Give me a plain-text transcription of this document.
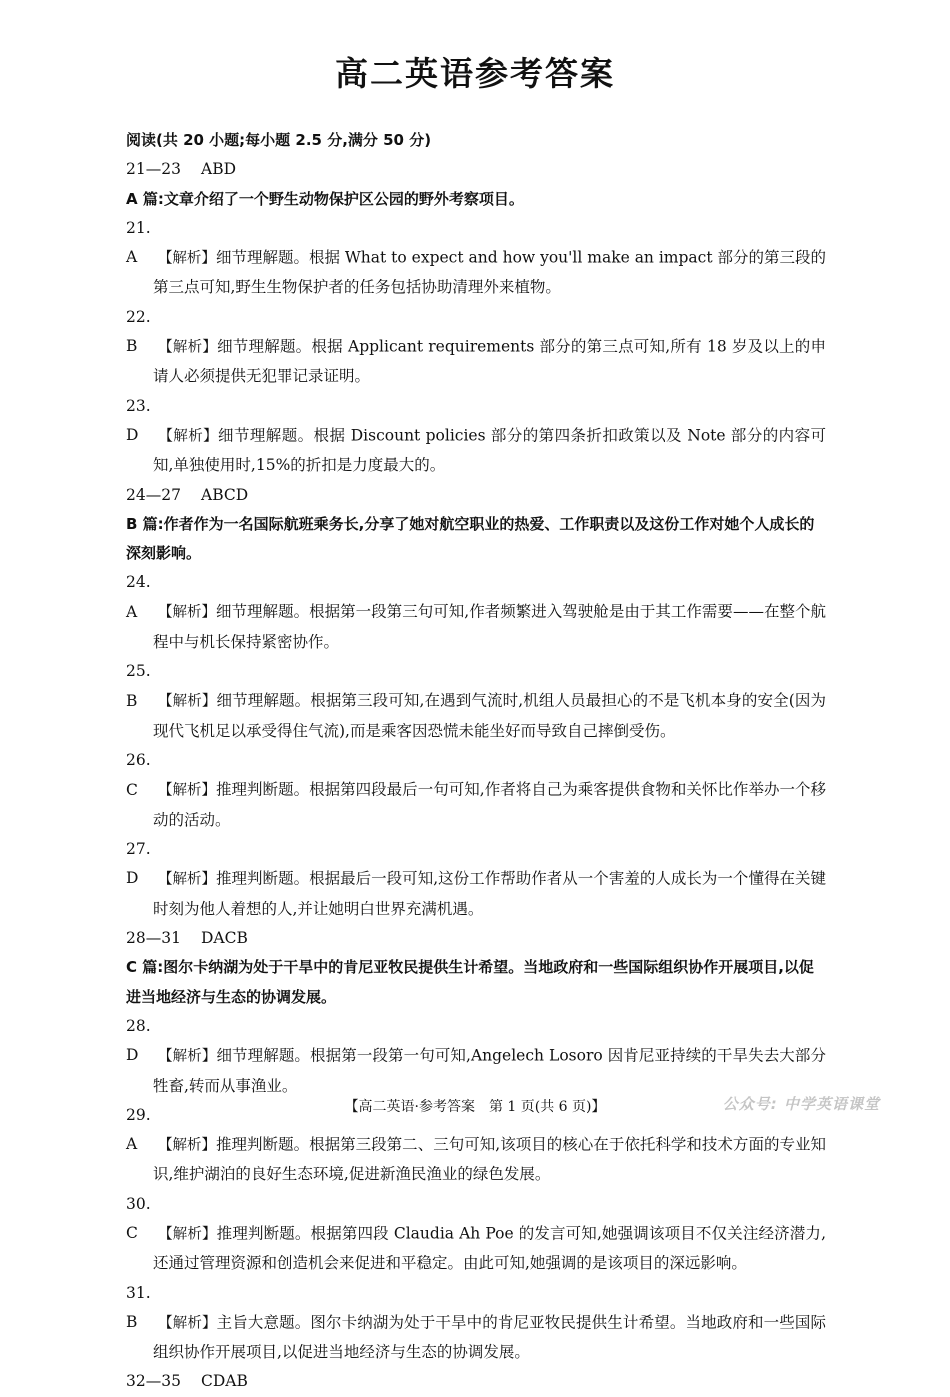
高二英语参考答案
阅读(共 20 小题;每小题 2.5 分,满分 50 分)
21—23 ABD
A 篇:文章介绍了一个野生动物保护区公园的野外考察项目。
21. A 【解析】细节理解题。根据 What to expect and how you'll make an impact 部分的第三段的第三点可知,野生生物保护者的任务包括协助清理外来植物。
22. B 【解析】细节理解题。根据 Applicant requirements 部分的第三点可知,所有 18 岁及以上的申请人必须提供无犯罪记录证明。
23. D 【解析】细节理解题。根据 Discount policies 部分的第四条折扣政策以及 Note 部分的内容可知,单独使用时,15%的折扣是力度最大的。
24—27 ABCD
B 篇:作者作为一名国际航班乘务长,分享了她对航空职业的热爱、工作职责以及这份工作对她个人成长的深刻影响。
24. A 【解析】细节理解题。根据第一段第三句可知,作者频繁进入驾驶舱是由于其工作需要——在整个航程中与机长保持紧密协作。
25. B 【解析】细节理解题。根据第三段可知,在遇到气流时,机组人员最担心的不是飞机本身的安全(因为现代飞机足以承受得住气流),而是乘客因恐慌未能坐好而导致自己摔倒受伤。
26. C 【解析】推理判断题。根据第四段最后一句可知,作者将自己为乘客提供食物和关怀比作举办一个移动的活动。
27. D 【解析】推理判断题。根据最后一段可知,这份工作帮助作者从一个害羞的人成长为一个懂得在关键时刻为他人着想的人,并让她明白世界充满机遇。
28—31 DACB
C 篇:图尔卡纳湖为处于干旱中的肯尼亚牧民提供生计希望。当地政府和一些国际组织协作开展项目,以促进当地经济与生态的协调发展。
28. D 【解析】细节理解题。根据第一段第一句可知,Angelech Losoro 因肯尼亚持续的干旱失去大部分牲畜,转而从事渔业。
29. A 【解析】推理判断题。根据第三段第二、三句可知,该项目的核心在于依托科学和技术方面的专业知识,维护湖泊的良好生态环境,促进新渔民渔业的绿色发展。
30. C 【解析】推理判断题。根据第四段 Claudia Ah Poe 的发言可知,她强调该项目不仅关注经济潜力,还通过管理资源和创造机会来促进和平稳定。由此可知,她强调的是该项目的深远影响。
31. B 【解析】主旨大意题。图尔卡纳湖为处于干旱中的肯尼亚牧民提供生计希望。当地政府和一些国际组织协作开展项目,以促进当地经济与生态的协调发展。
32—35 CDAB
【高二英语·参考答案　第 1 页(共 6 页)】	公众号: 中学英语课堂
